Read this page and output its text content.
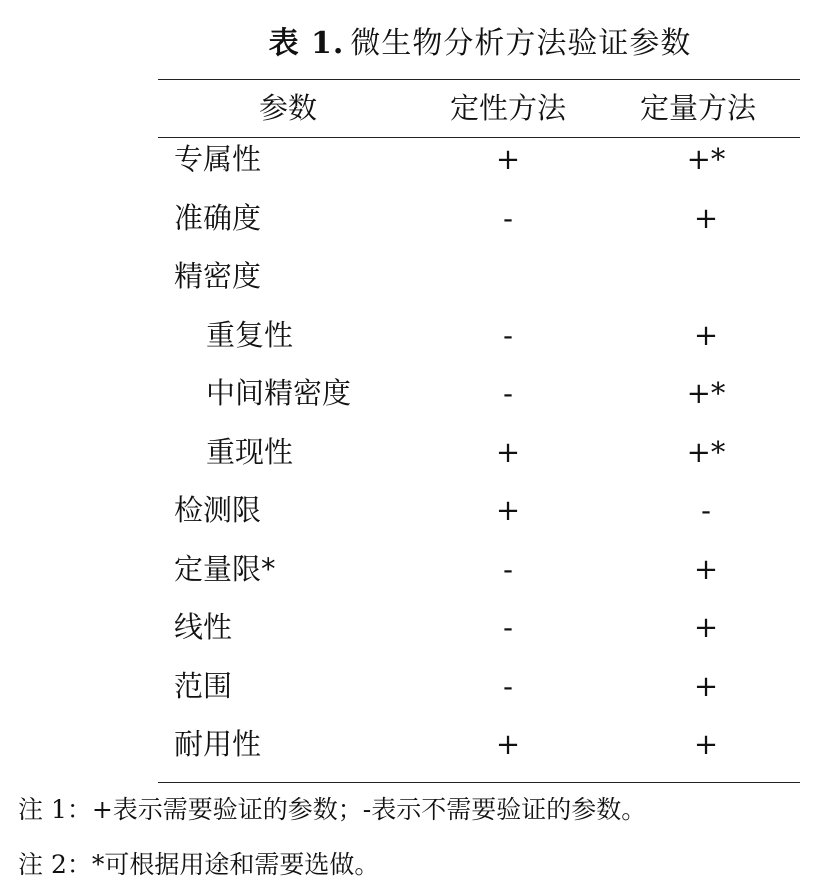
表 1. 微生物分析方法验证参数
参数	定性方法	定量方法
专属性	+	+*
准确度	-	+
精密度
重复性	-	+
中间精密度	-	+*
重现性	+	+*
检测限	+	-
定量限*	-	+
线性	-	+
范围	-	+
耐用性	+	+
注 1：+表示需要验证的参数；-表示不需要验证的参数。
注 2：*可根据用途和需要选做。
